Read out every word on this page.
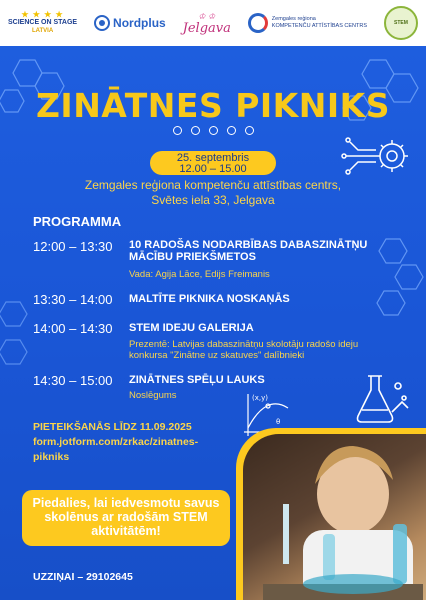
(x,y)
θ
★ ★ ★ ★
SCIENCE ON STAGE
LATVIA
Nordplus	♔ ♔
Jelgava
Zemgales reģiona
KOMPETENČU ATTĪSTĪBAS CENTRS	STEM
ZINĀTNES PIKNIKS
25. septembris
12.00 – 15.00
Zemgales reģiona kompetenču attīstības centrs,
Svētes iela 33, Jelgava
PROGRAMMA
12:00 – 13:30 10 RADOŠAS NODARBĪBAS DABASZINĀTŅU MĀCĪBU PRIEKŠMETOS
Vada: Agija Lāce, Edijs Freimanis
13:30 – 14:00 MALTĪTE PIKNIKA NOSKAŅĀS
14:00 – 14:30 STEM IDEJU GALERIJA
Prezentē: Latvijas dabaszinātņu skolotāju radošo ideju konkursa "Zinātne uz skatuves" dalībnieki
14:30 – 15:00 ZINĀTNES SPĒĻU LAUKS
Noslēgums
PIETEIKŠANĀS LĪDZ 11.09.2025
form.jotform.com/zrkac/zinatnes-pikniks
Piedalies, lai iedvesmotu savus skolēnus ar radošām STEM aktivitātēm!
UZZIŅAI – 29102645
